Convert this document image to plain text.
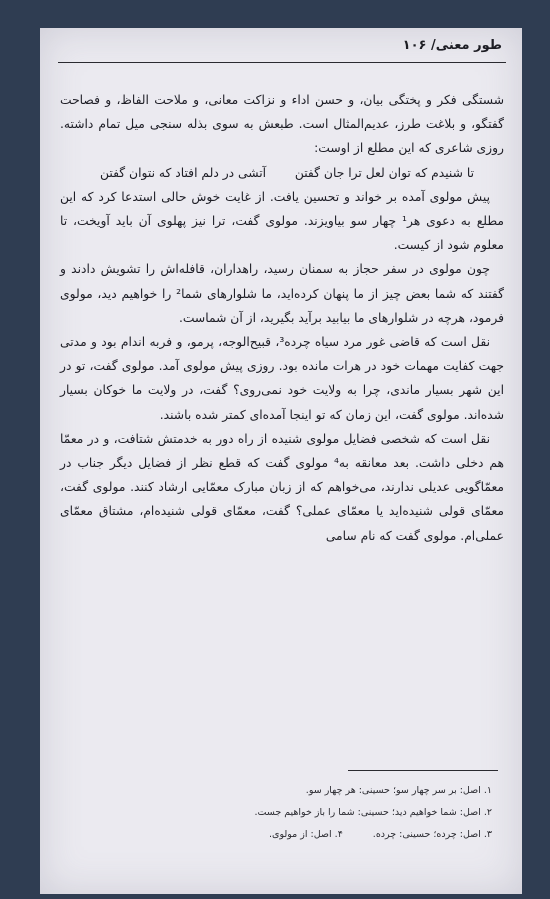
طور معنی/ ۱۰۶

شستگی فکر و پختگی بیان، و حسن اداء و نزاکت معانی، و ملاحت الفاظ، و فصاحت گفتگو، و بلاغت طرز، عدیم‌المثال است. طبعش به سوی بذله سنجی میل تمام داشته. روزی شاعری که این مطلع از اوست:

تا شنیدم که توان لعل ترا جان گفتن
آتشی در دلم افتاد که نتوان گفتن

پیش مولوی آمده بر خواند و تحسین یافت. از غایت خوش حالی استدعا کرد که این مطلع به دعوی هر¹ چهار سو بیاویزند. مولوی گفت، ترا نیز پهلوی آن باید آویخت، تا معلوم شود از کیست.

چون مولوی در سفر حجاز به سمنان رسید، راهداران، قافله‌اش را تشویش دادند و گفتند که شما بعض چیز از ما پنهان کرده‌اید، ما شلوارهای شما² را خواهیم دید، مولوی فرمود، هرچه در شلوارهای ما بیابید برآید بگیرید، از آن شماست.

نقل است که قاضی غور مرد سیاه چرده³، قبیح‌الوجه، پرمو، و فربه اندام بود و مدتی جهت کفایت مهمات خود در هرات مانده بود. روزی پیش مولوی آمد. مولوی گفت، تو در این شهر بسیار ماندی، چرا به ولایت خود نمی‌روی؟ گفت، در ولایت ما خوکان بسیار شده‌اند. مولوی گفت، این زمان که تو اینجا آمده‌ای کمتر شده باشند.

نقل است که شخصی فضایل مولوی شنیده از راه دور به خدمتش شتافت، و در معمّا هم دخلی داشت. بعد معانقه به⁴ مولوی گفت که قطع نظر از فضایل دیگر جناب در معمّاگویی عدیلی ندارند، می‌خواهم که از زبان مبارک معمّایی ارشاد کنند. مولوی گفت، معمّای قولی شنیده‌اید یا معمّای عملی؟ گفت، معمّای قولی شنیده‌ام، مشتاق معمّای عملی‌ام. مولوی گفت که نام سامی

۱. اصل: بر سر چهار سو؛ حسینی: هر چهار سو.
۲. اصل: شما خواهیم دید؛ حسینی: شما را باز خواهیم جست.
۳. اصل: چرده؛ حسینی: چرده.
۴. اصل: از مولوی.
